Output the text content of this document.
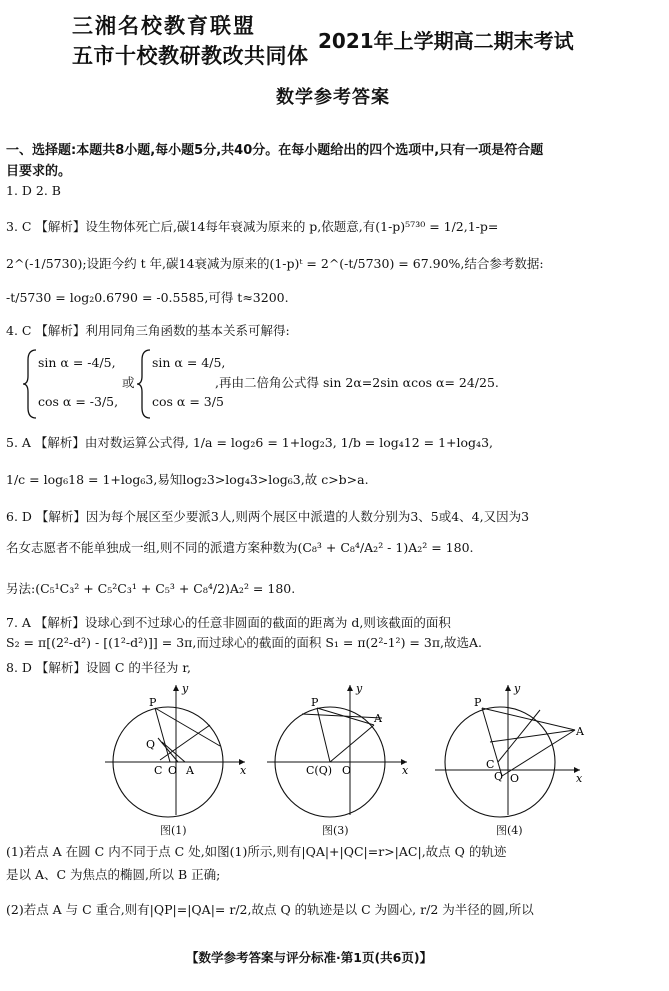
三湘名校教育联盟
五市十校教研教改共同体
2021年上学期高二期末考试
数学参考答案
一、选择题:本题共8小题,每小题5分,共40分。在每小题给出的四个选项中,只有一项是符合题
目要求的。
1. D 2. B
3. C 【解析】设生物体死亡后,碳14每年衰减为原来的 p,依题意,有(1-p)⁵⁷³⁰ = 1/2,1-p=
2^(-1/5730);设距今约 t 年,碳14衰减为原来的(1-p)ᵗ = 2^(-t/5730) = 67.90%,结合参考数据:
-t/5730 = log₂0.6790 = -0.5585,可得 t≈3200.
4. C 【解析】利用同角三角函数的基本关系可解得:
sin α = -4/5,
cos α = -3/5,
或
sin α = 4/5,
cos α = 3/5
,再由二倍角公式得 sin 2α=2sin αcos α= 24/25.
5. A 【解析】由对数运算公式得, 1/a = log₂6 = 1+log₂3, 1/b = log₄12 = 1+log₄3,
1/c = log₆18 = 1+log₆3,易知log₂3>log₄3>log₆3,故 c>b>a.
6. D 【解析】因为每个展区至少要派3人,则两个展区中派遣的人数分别为3、5或4、4,又因为3
名女志愿者不能单独成一组,则不同的派遣方案种数为(C₈³ + C₈⁴/A₂² - 1)A₂² = 180.
另法:(C₅¹C₃² + C₅²C₃¹ + C₅³ + C₈⁴/2)A₂² = 180.
7. A 【解析】设球心到不过球心的任意非圆面的截面的距离为 d,则该截面的面积
S₂ = π[(2²-d²) - [(1²-d²)]] = 3π,而过球心的截面的面积 S₁ = π(2²-1²) = 3π,故选A.
8. D 【解析】设圆 C 的半径为 r,
P
Q
C O A	x
y
图(1)
P
A
C(Q) O	x
y
图(3)
P
A
C
Q O	x
y
图(4)
(1)若点 A 在圆 C 内不同于点 C 处,如图(1)所示,则有|QA|+|QC|=r>|AC|,故点 Q 的轨迹
是以 A、C 为焦点的椭圆,所以 B 正确;
(2)若点 A 与 C 重合,则有|QP|=|QA|= r/2,故点 Q 的轨迹是以 C 为圆心, r/2 为半径的圆,所以
【数学参考答案与评分标准·第1页(共6页)】
